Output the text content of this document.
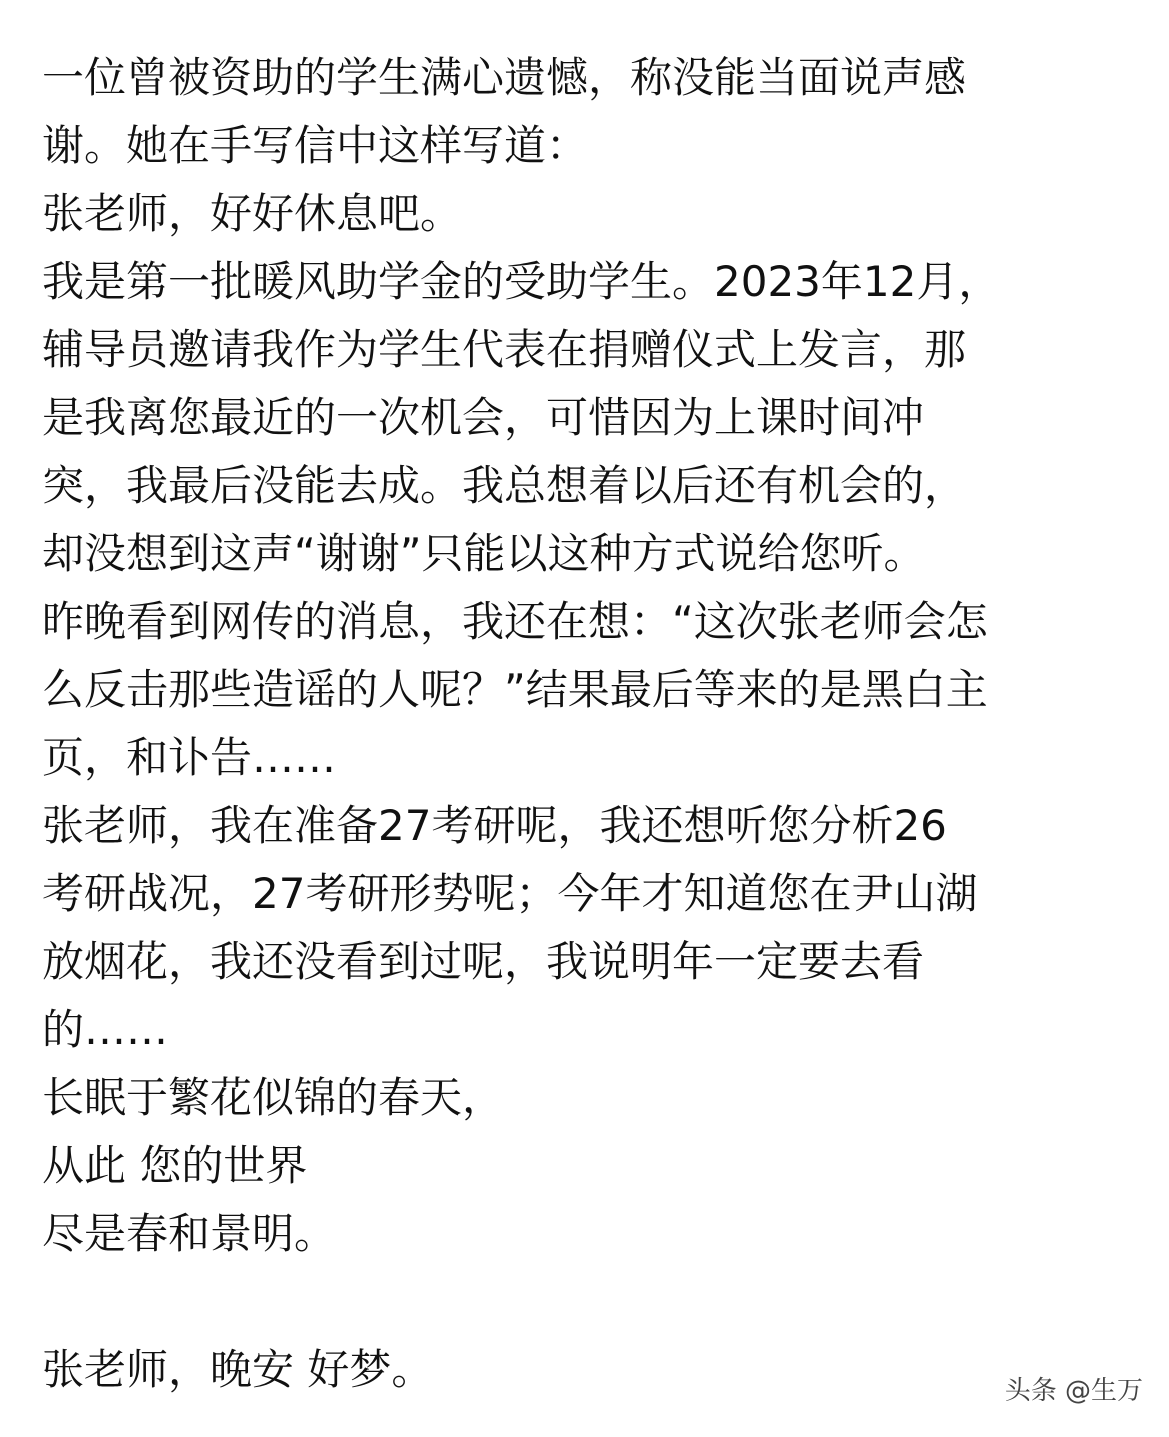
一位曾被资助的学生满心遗憾，称没能当面说声感
谢。她在手写信中这样写道：
张老师，好好休息吧。
我是第一批暖风助学金的受助学生。2023年12月，
辅导员邀请我作为学生代表在捐赠仪式上发言，那
是我离您最近的一次机会，可惜因为上课时间冲
突，我最后没能去成。我总想着以后还有机会的，
却没想到这声“谢谢”只能以这种方式说给您听。
昨晚看到网传的消息，我还在想：“这次张老师会怎
么反击那些造谣的人呢？”结果最后等来的是黑白主
页，和讣告……
张老师，我在准备27考研呢，我还想听您分析26
考研战况，27考研形势呢；今年才知道您在尹山湖
放烟花，我还没看到过呢，我说明年一定要去看
的……
长眠于繁花似锦的春天，
从此 您的世界
尽是春和景明。
张老师，晚安 好梦。	头条 @生万
